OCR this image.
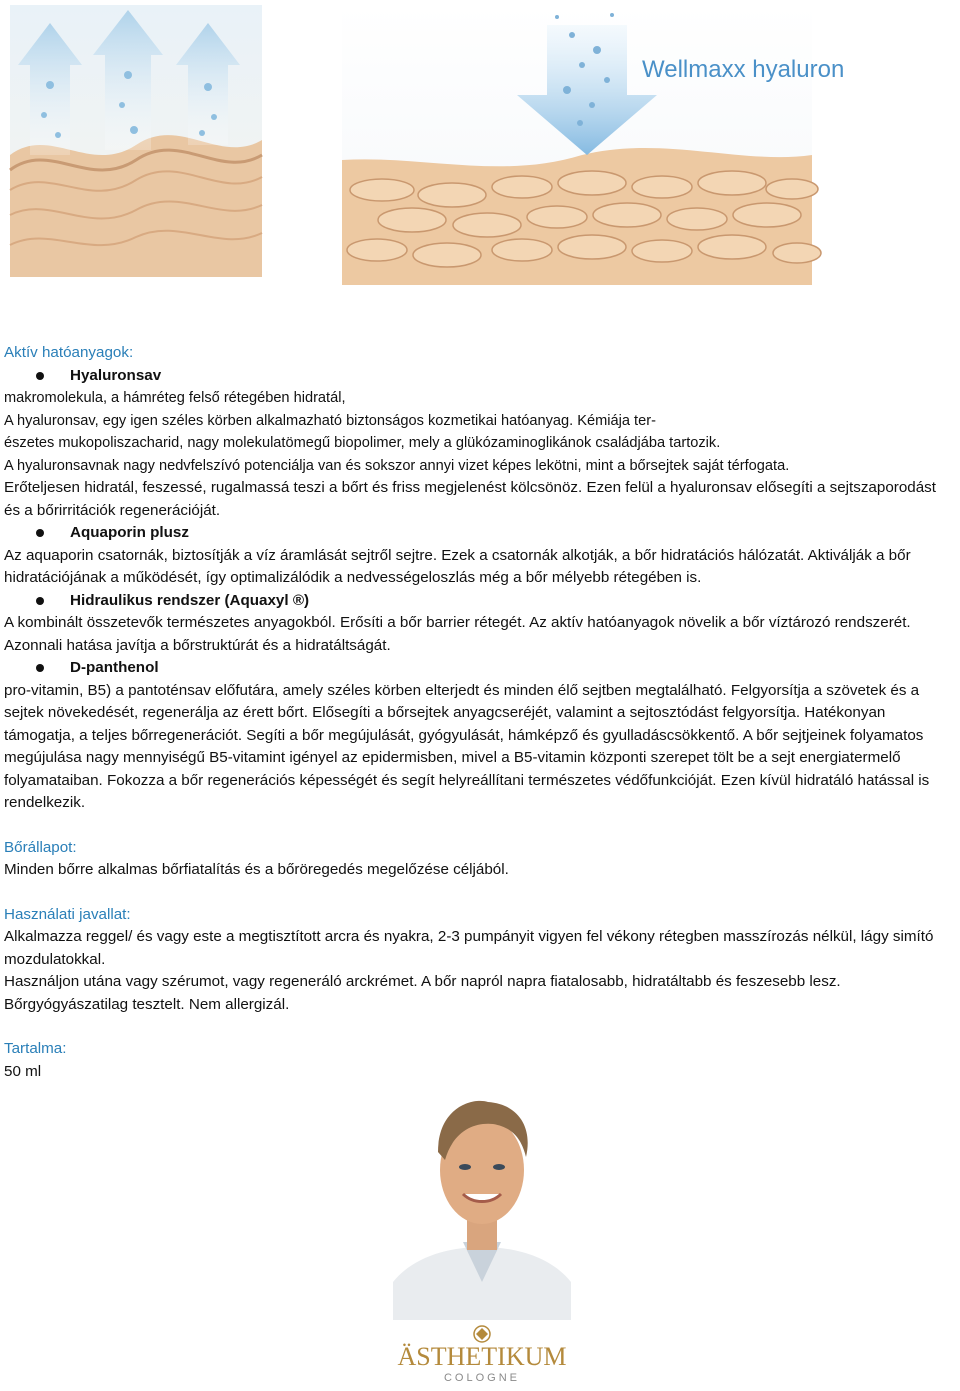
Wellmaxx hyaluron

Aktív hatóanyagok:

Hyaluronsav

makromolekula, a hámréteg felső rétegében hidratál,

A hyaluronsav, egy igen széles körben alkalmazható biztonságos kozmetikai hatóanyag. Kémiája ter-

észetes mukopoliszacharid, nagy molekulatömegű biopolimer, mely a glükózaminoglikánok családjába tartozik.

A hyaluronsavnak nagy nedvfelszívó potenciálja van és sokszor annyi vizet képes lekötni, mint a bőrsejtek saját térfogata.

Erőteljesen hidratál, feszessé, rugalmassá teszi a bőrt és friss megjelenést kölcsönöz. Ezen felül a hyaluronsav elősegíti a sejtszaporodást és a bőrirritációk regenerációját.

Aquaporin plusz

Az aquaporin csatornák, biztosítják a víz áramlását sejtről sejtre. Ezek a csatornák alkotják, a bőr hidratációs hálózatát. Aktiválják a bőr hidratációjának a működését, így optimalizálódik a nedvességeloszlás még a bőr mélyebb rétegében is.

Hidraulikus rendszer (Aquaxyl ®)

A kombinált összetevők természetes anyagokból. Erősíti a bőr barrier rétegét. Az aktív hatóanyagok növelik a bőr víztározó rendszerét. Azonnali hatása javítja a bőrstruktúrát és a hidratáltságát.

D-panthenol

pro-vitamin, B5) a pantoténsav előfutára, amely széles körben elterjedt és minden élő sejtben megtalálható. Felgyorsítja a szövetek és a sejtek növekedését, regenerálja az érett bőrt. Elősegíti a bőrsejtek anyagcseréjét, valamint a sejtosztódást felgyorsítja. Hatékonyan támogatja, a teljes bőrregenerációt. Segíti a bőr megújulását, gyógyulását, hámképző és gyulladáscsökkentő. A bőr sejtjeinek folyamatos megújulása nagy mennyiségű B5-vitamint igényel az epidermisben, mivel a B5-vitamin központi szerepet tölt be a sejt energiatermelő folyamataiban. Fokozza a bőr regenerációs képességét és segít helyreállítani természetes védőfunkcióját. Ezen kívül hidratáló hatással is rendelkezik.

Bőrállapot:

Minden bőrre alkalmas bőrfiatalítás és a bőröregedés megelőzése céljából.

Használati javallat:

Alkalmazza reggel/ és vagy este a megtisztított arcra és nyakra, 2-3 pumpányit vigyen fel vékony rétegben masszírozás nélkül, lágy simító mozdulatokkal.

Használjon utána vagy szérumot, vagy regeneráló arckrémet. A bőr napról napra fiatalosabb, hidratáltabb és feszesebb lesz.

Bőrgyógyászatilag tesztelt. Nem allergizál.

Tartalma:

50 ml

ÄSTHETIKUM
COLOGNE
